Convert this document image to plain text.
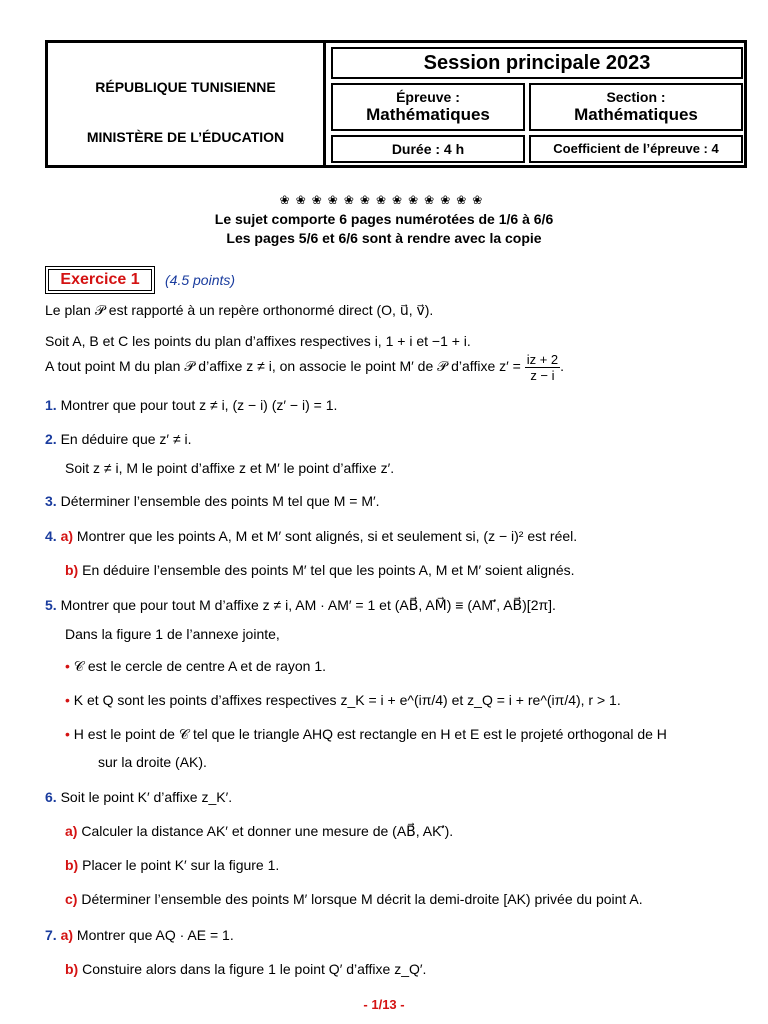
RÉPUBLIQUE TUNISIENNE
MINISTÈRE DE L’ÉDUCATION
Session principale 2023
Épreuve :
Mathématiques
Section :
Mathématiques
Durée : 4 h	Coefficient de l’épreuve : 4
❀❀❀❀❀❀❀❀❀❀❀❀❀
Le sujet comporte 6 pages numérotées de 1/6 à 6/6
Les pages 5/6 et 6/6 sont à rendre avec la copie
Exercice 1	(4.5 points)
Le plan 𝒫 est rapporté à un repère orthonormé direct (O, u⃗, v⃗).
Soit A, B et C les points du plan d’affixes respectives i, 1 + i et −1 + i.
A tout point M du plan 𝒫 d’affixe z ≠ i, on associe le point M′ de 𝒫 d’affixe $z' = \frac{iz + 2}{z - i}$ .
1. Montrer que pour tout z ≠ i, (z − i) (z′ − i) = 1.
2. En déduire que z′ ≠ i.
Soit z ≠ i, M le point d’affixe z et M′ le point d’affixe z′.
3. Déterminer l’ensemble des points M tel que M = M′.
4. a) Montrer que les points A, M et M′ sont alignés, si et seulement si, (z − i)² est réel.
b) En déduire l’ensemble des points M′ tel que les points A, M et M′ soient alignés.
5. Montrer que pour tout M d’affixe z ≠ i, AM · AM′ = 1 et (AB⃗, AM⃗) ≡ (AM′⃗, AB⃗)[2π].
Dans la figure 1 de l’annexe jointe,
• 𝒞 est le cercle de centre A et de rayon 1.
• K et Q sont les points d’affixes respectives z_K = i + e^(iπ/4) et z_Q = i + re^(iπ/4), r > 1.
• H est le point de 𝒞 tel que le triangle AHQ est rectangle en H et E est le projeté orthogonal de H
sur la droite (AK).
6. Soit le point K′ d’affixe z_K′.
a) Calculer la distance AK′ et donner une mesure de (AB⃗, AK′⃗).
b) Placer le point K′ sur la figure 1.
c) Déterminer l’ensemble des points M′ lorsque M décrit la demi-droite [AK) privée du point A.
7. a) Montrer que AQ · AE = 1.
b) Constuire alors dans la figure 1 le point Q′ d’affixe z_Q′.
- 1/13 -
